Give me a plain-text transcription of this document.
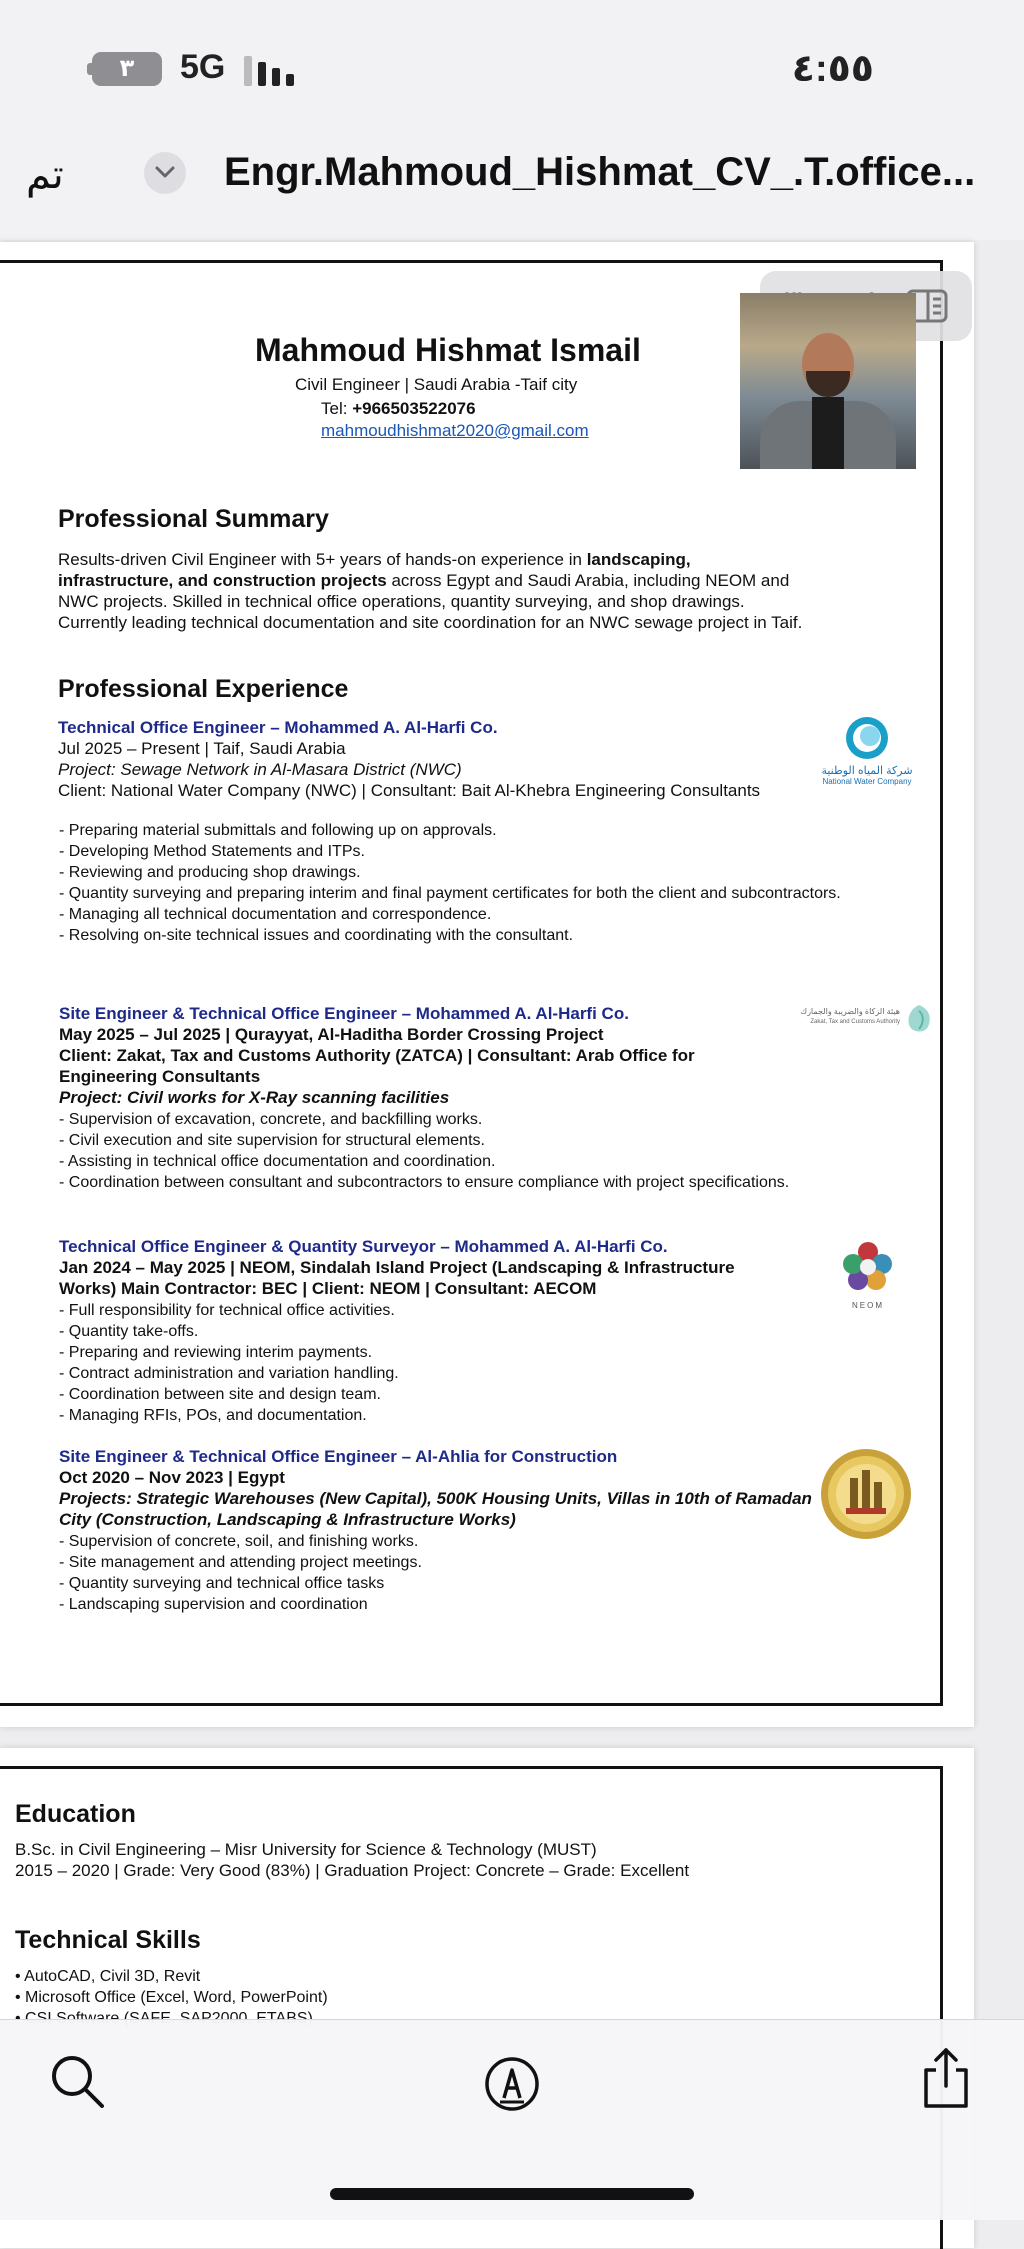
٣	5G	٤:٥٥
تم	Engr.Mahmoud_Hishmat_CV_.T.office...
Mahmoud Hishmat Ismail
Civil Engineer | Saudi Arabia -Taif city
Tel: +966503522076
mahmoudhishmat2020@gmail.com
Professional Summary
Results-driven Civil Engineer with 5+ years of hands-on experience in landscaping,
infrastructure, and construction projects across Egypt and Saudi Arabia, including NEOM and
NWC projects. Skilled in technical office operations, quantity surveying, and shop drawings.
Currently leading technical documentation and site coordination for an NWC sewage project in Taif.
Professional Experience
Technical Office Engineer – Mohammed A. Al-Harfi Co.
Jul 2025 – Present | Taif, Saudi Arabia
Project: Sewage Network in Al-Masara District (NWC)
Client: National Water Company (NWC) | Consultant: Bait Al-Khebra Engineering Consultants
- Preparing material submittals and following up on approvals.
- Developing Method Statements and ITPs.
- Reviewing and producing shop drawings.
- Quantity surveying and preparing interim and final payment certificates for both the client and subcontractors.
- Managing all technical documentation and correspondence.
- Resolving on-site technical issues and coordinating with the consultant.
شركة المياه الوطنية
National Water Company
Site Engineer & Technical Office Engineer – Mohammed A. Al-Harfi Co.
May 2025 – Jul 2025 | Qurayyat, Al-Haditha Border Crossing Project
Client: Zakat, Tax and Customs Authority (ZATCA) | Consultant: Arab Office for
Engineering Consultants
Project: Civil works for X-Ray scanning facilities
- Supervision of excavation, concrete, and backfilling works.
- Civil execution and site supervision for structural elements.
- Assisting in technical office documentation and coordination.
- Coordination between consultant and subcontractors to ensure compliance with project specifications.
هيئة الزكاة والضريبة والجمارك
Zakat, Tax and Customs Authority
Technical Office Engineer & Quantity Surveyor – Mohammed A. Al-Harfi Co.
Jan 2024 – May 2025 | NEOM, Sindalah Island Project (Landscaping & Infrastructure
Works) Main Contractor: BEC | Client: NEOM | Consultant: AECOM
- Full responsibility for technical office activities.
- Quantity take-offs.
- Preparing and reviewing interim payments.
- Contract administration and variation handling.
- Coordination between site and design team.
- Managing RFIs, POs, and documentation.
NEOM
Site Engineer & Technical Office Engineer – Al-Ahlia for Construction
Oct 2020 – Nov 2023 | Egypt
Projects: Strategic Warehouses (New Capital), 500K Housing Units, Villas in 10th of Ramadan
City (Construction, Landscaping & Infrastructure Works)
- Supervision of concrete, soil, and finishing works.
- Site management and attending project meetings.
- Quantity surveying and technical office tasks
- Landscaping supervision and coordination
Education
B.Sc. in Civil Engineering – Misr University for Science & Technology (MUST)
2015 – 2020 | Grade: Very Good (83%) | Graduation Project: Concrete – Grade: Excellent
Technical Skills
• AutoCAD, Civil 3D, Revit
• Microsoft Office (Excel, Word, PowerPoint)
